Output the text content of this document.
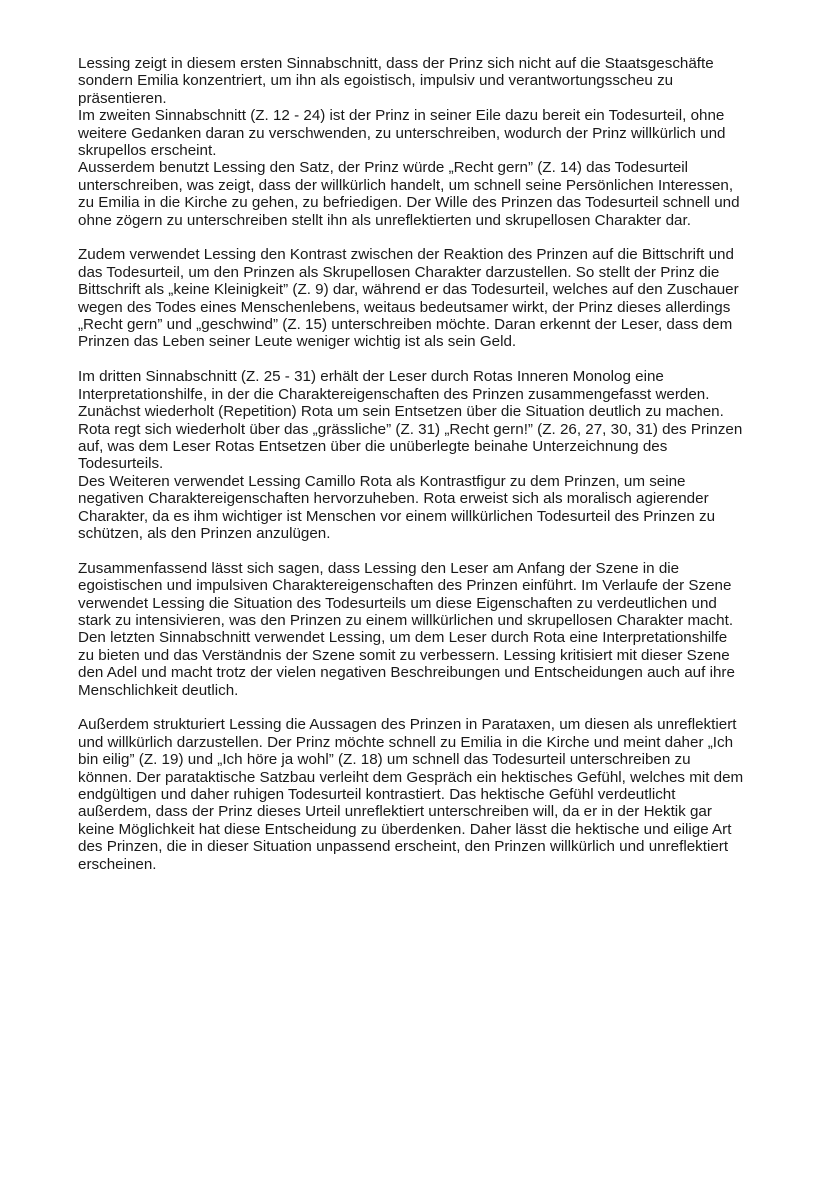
Lessing zeigt in diesem ersten Sinnabschnitt, dass der Prinz sich nicht auf die Staatsgeschäfte
sondern Emilia konzentriert, um ihn als egoistisch, impulsiv und verantwortungsscheu zu
präsentieren.
Im zweiten Sinnabschnitt (Z. 12 - 24) ist der Prinz in seiner Eile dazu bereit ein Todesurteil, ohne
weitere Gedanken daran zu verschwenden, zu unterschreiben, wodurch der Prinz willkürlich und
skrupellos erscheint.
Ausserdem benutzt Lessing den Satz, der Prinz würde „Recht gern” (Z. 14) das Todesurteil
unterschreiben, was zeigt, dass der willkürlich handelt, um schnell seine Persönlichen Interessen,
zu Emilia in die Kirche zu gehen, zu befriedigen. Der Wille des Prinzen das Todesurteil schnell und
ohne zögern zu unterschreiben stellt ihn als unreflektierten und skrupellosen Charakter dar.

Zudem verwendet Lessing den Kontrast zwischen der Reaktion des Prinzen auf die Bittschrift und
das Todesurteil, um den Prinzen als Skrupellosen Charakter darzustellen. So stellt der Prinz die
Bittschrift als „keine Kleinigkeit” (Z. 9) dar, während er das Todesurteil, welches auf den Zuschauer
wegen des Todes eines Menschenlebens, weitaus bedeutsamer wirkt, der Prinz dieses allerdings
„Recht gern” und „geschwind” (Z. 15) unterschreiben möchte. Daran erkennt der Leser, dass dem
Prinzen das Leben seiner Leute weniger wichtig ist als sein Geld.

Im dritten Sinnabschnitt (Z. 25 - 31) erhält der Leser durch Rotas Inneren Monolog eine
Interpretationshilfe, in der die Charaktereigenschaften des Prinzen zusammengefasst werden.
Zunächst wiederholt (Repetition) Rota um sein Entsetzen über die Situation deutlich zu machen.
Rota regt sich wiederholt über das „grässliche” (Z. 31) „Recht gern!” (Z. 26, 27, 30, 31) des Prinzen
auf, was dem Leser Rotas Entsetzen über die unüberlegte beinahe Unterzeichnung des
Todesurteils.
Des Weiteren verwendet Lessing Camillo Rota als Kontrastfigur zu dem Prinzen, um seine
negativen Charaktereigenschaften hervorzuheben. Rota erweist sich als moralisch agierender
Charakter, da es ihm wichtiger ist Menschen vor einem willkürlichen Todesurteil des Prinzen zu
schützen, als den Prinzen anzulügen.

Zusammenfassend lässt sich sagen, dass Lessing den Leser am Anfang der Szene in die
egoistischen und impulsiven Charaktereigenschaften des Prinzen einführt. Im Verlaufe der Szene
verwendet Lessing die Situation des Todesurteils um diese Eigenschaften zu verdeutlichen und
stark zu intensivieren, was den Prinzen zu einem willkürlichen und skrupellosen Charakter macht.
Den letzten Sinnabschnitt verwendet Lessing, um dem Leser durch Rota eine Interpretationshilfe
zu bieten und das Verständnis der Szene somit zu verbessern. Lessing kritisiert mit dieser Szene
den Adel und macht trotz der vielen negativen Beschreibungen und Entscheidungen auch auf ihre
Menschlichkeit deutlich.

Außerdem strukturiert Lessing die Aussagen des Prinzen in Parataxen, um diesen als unreflektiert
und willkürlich darzustellen. Der Prinz möchte schnell zu Emilia in die Kirche und meint daher „Ich
bin eilig” (Z. 19) und „Ich höre ja wohl” (Z. 18) um schnell das Todesurteil unterschreiben zu
können. Der parataktische Satzbau verleiht dem Gespräch ein hektisches Gefühl, welches mit dem
endgültigen und daher ruhigen Todesurteil kontrastiert. Das hektische Gefühl verdeutlicht
außerdem, dass der Prinz dieses Urteil unreflektiert unterschreiben will, da er in der Hektik gar
keine Möglichkeit hat diese Entscheidung zu überdenken. Daher lässt die hektische und eilige Art
des Prinzen, die in dieser Situation unpassend erscheint, den Prinzen willkürlich und unreflektiert
erscheinen.
